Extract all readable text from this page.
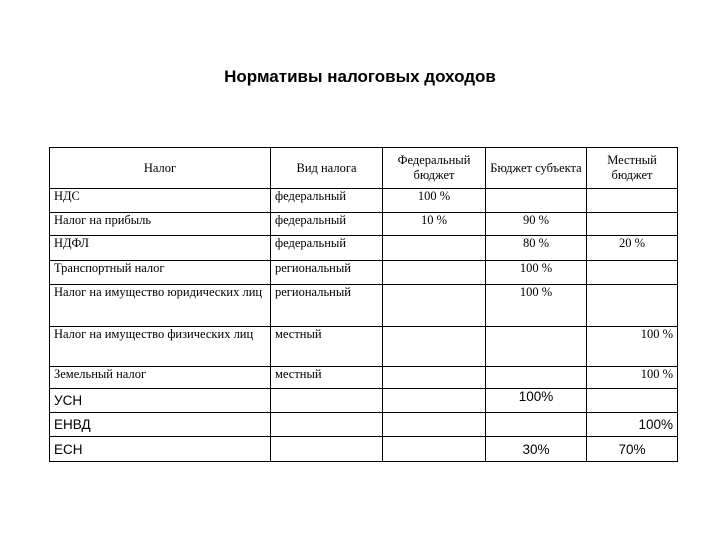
Нормативы налоговых доходов
Налог	Вид налога	Федеральный бюджет	Бюджет субъекта	Местный бюджет
НДС	федеральный	100 %		
Налог на прибыль	федеральный	10 %	90 %	
НДФЛ	федеральный		80 %	20 %
Транспортный налог	региональный		100 %	
Налог на имущество юридических лиц	региональный		100 %	
Налог на имущество физических лиц	местный			100 %
Земельный налог	местный			100 %
УСН			100%	
ЕНВД				100%
ЕСН			30%	70%
